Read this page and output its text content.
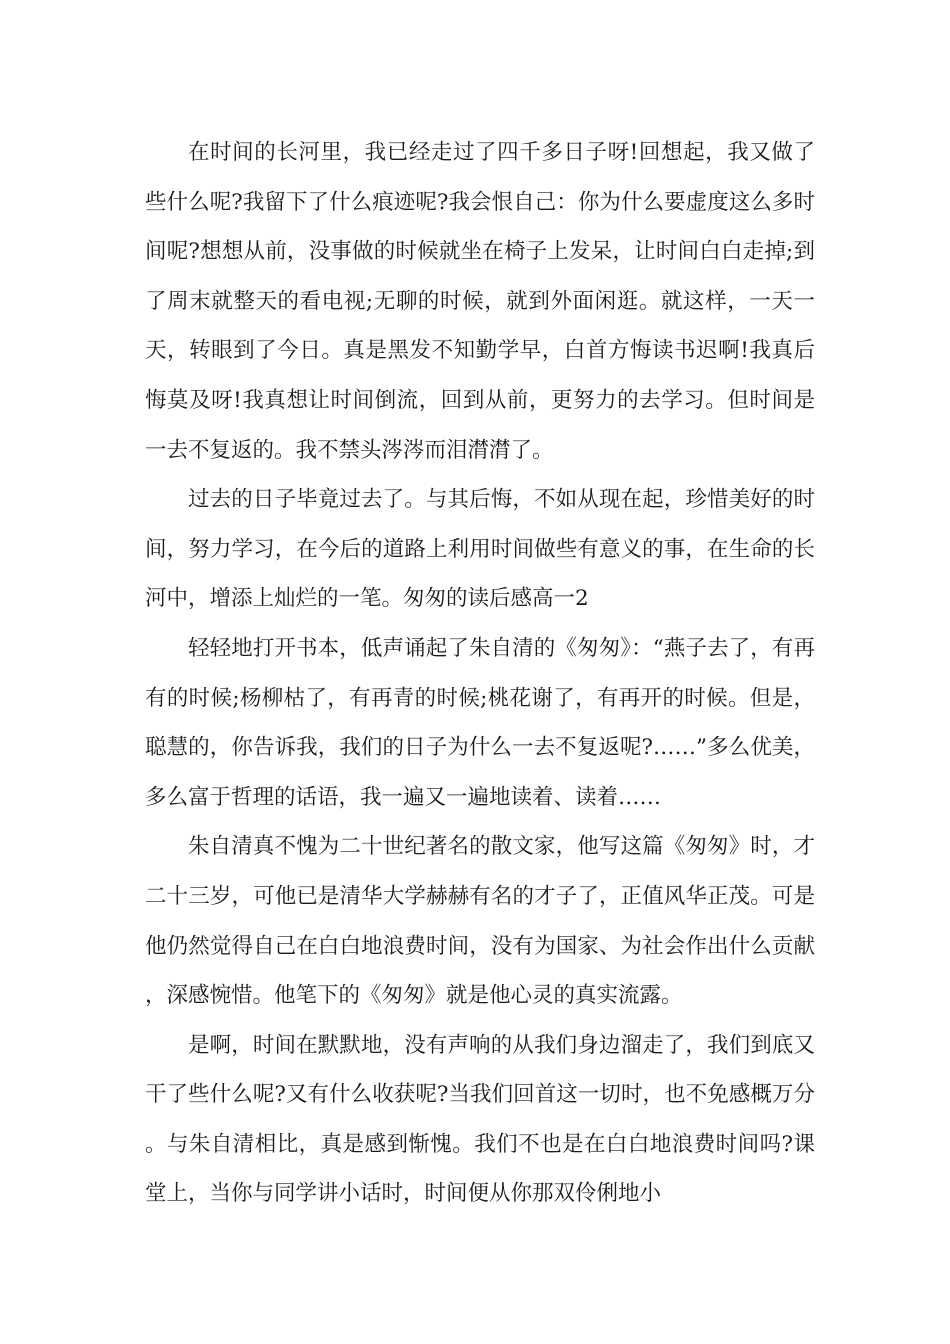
在时间的长河里，我已经走过了四千多日子呀!回想起，我又做了些什么呢?我留下了什么痕迹呢?我会恨自己：你为什么要虚度这么多时间呢?想想从前，没事做的时候就坐在椅子上发呆，让时间白白走掉;到了周末就整天的看电视;无聊的时候，就到外面闲逛。就这样，一天一天，转眼到了今日。真是黑发不知勤学早，白首方悔读书迟啊!我真后悔莫及呀!我真想让时间倒流，回到从前，更努力的去学习。但时间是一去不复返的。我不禁头涔涔而泪潸潸了。

过去的日子毕竟过去了。与其后悔，不如从现在起，珍惜美好的时间，努力学习，在今后的道路上利用时间做些有意义的事，在生命的长河中，增添上灿烂的一笔。匆匆的读后感高一2

轻轻地打开书本，低声诵起了朱自清的《匆匆》：“燕子去了，有再有的时候;杨柳枯了，有再青的时候;桃花谢了，有再开的时候。但是，聪慧的，你告诉我，我们的日子为什么一去不复返呢?……”多么优美，多么富于哲理的话语，我一遍又一遍地读着、读着……

朱自清真不愧为二十世纪著名的散文家，他写这篇《匆匆》时，才二十三岁，可他已是清华大学赫赫有名的才子了，正值风华正茂。可是他仍然觉得自己在白白地浪费时间，没有为国家、为社会作出什么贡献，深感惋惜。他笔下的《匆匆》就是他心灵的真实流露。

是啊，时间在默默地，没有声响的从我们身边溜走了，我们到底又干了些什么呢?又有什么收获呢?当我们回首这一切时，也不免感概万分。与朱自清相比，真是感到惭愧。我们不也是在白白地浪费时间吗?课堂上，当你与同学讲小话时，时间便从你那双伶俐地小
